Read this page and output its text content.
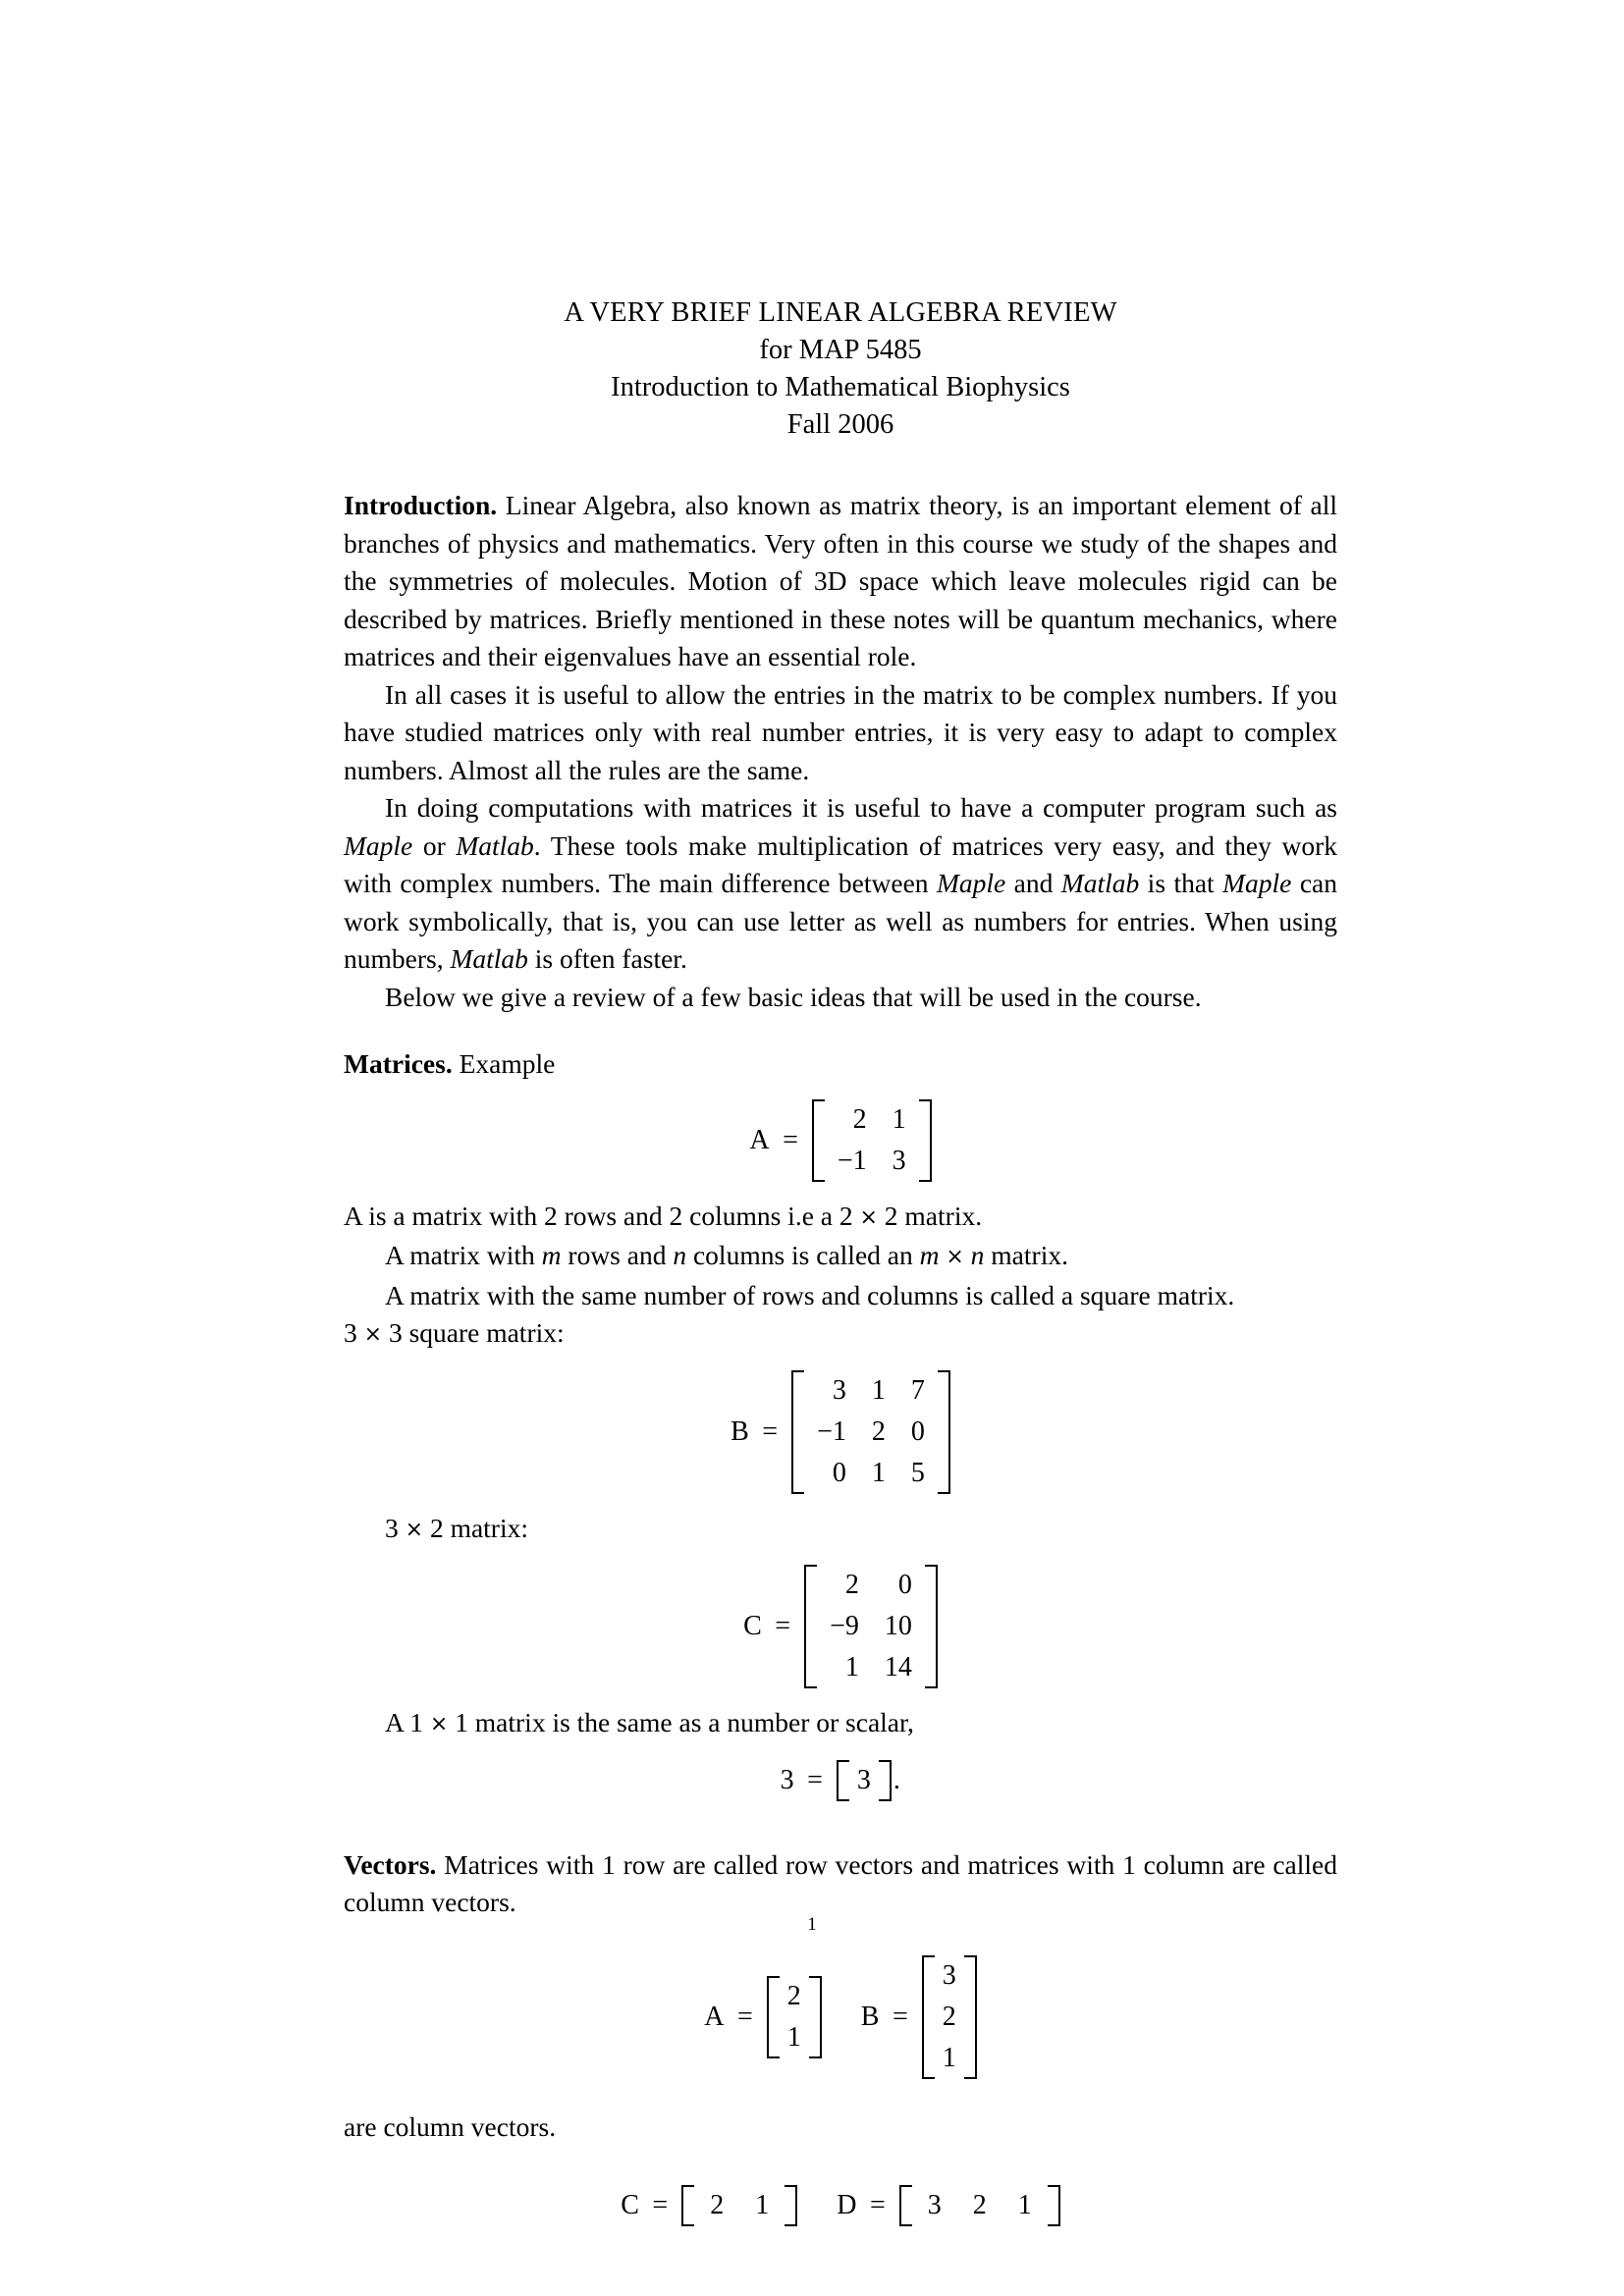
A VERY BRIEF LINEAR ALGEBRA REVIEW
for MAP 5485
Introduction to Mathematical Biophysics
Fall 2006

Introduction. Linear Algebra, also known as matrix theory, is an important element of all branches of physics and mathematics. Very often in this course we study of the shapes and the symmetries of molecules. Motion of 3D space which leave molecules rigid can be described by matrices. Briefly mentioned in these notes will be quantum mechanics, where matrices and their eigenvalues have an essential role.

In all cases it is useful to allow the entries in the matrix to be complex numbers. If you have studied matrices only with real number entries, it is very easy to adapt to complex numbers. Almost all the rules are the same.

In doing computations with matrices it is useful to have a computer program such as Maple or Matlab. These tools make multiplication of matrices very easy, and they work with complex numbers. The main difference between Maple and Matlab is that Maple can work symbolically, that is, you can use letter as well as numbers for entries. When using numbers, Matlab is often faster.

Below we give a review of a few basic ideas that will be used in the course.

Matrices. Example

A =
2	1
−1	3

A is a matrix with 2 rows and 2 columns i.e a 2 × 2 matrix.

A matrix with m rows and n columns is called an m × n matrix.

A matrix with the same number of rows and columns is called a square matrix.

3 × 3 square matrix:

B =
3	1	7
−1	2	0
0	1	5

3 × 2 matrix:

C =
2	0
−9	10
1	14

A 1 × 1 matrix is the same as a number or scalar,

3 =	3 .

Vectors. Matrices with 1 row are called row vectors and matrices with 1 column are called column vectors.

A =
2
1
B =
3
2
1

are column vectors.

C =	2	1 D =	3	2	1
1
